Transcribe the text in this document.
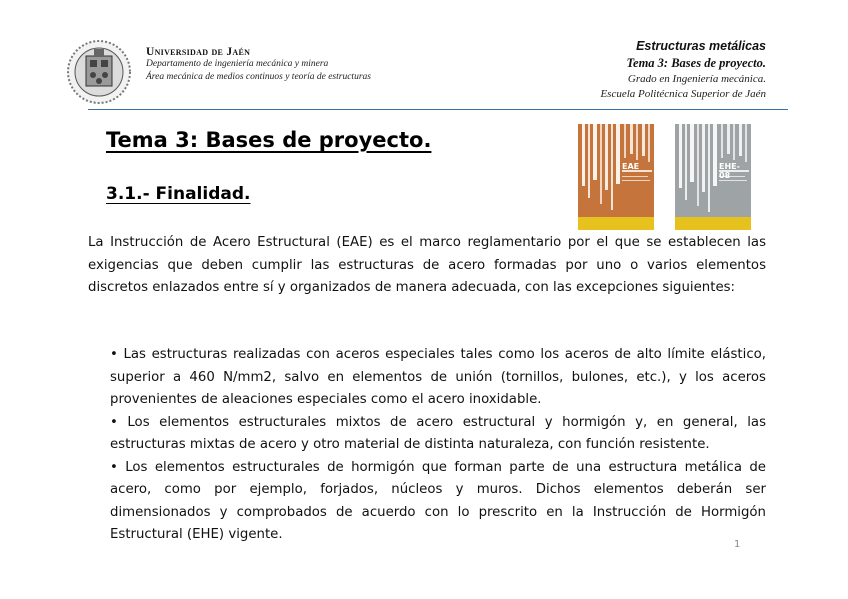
Universidad de Jaén
Departamento de ingeniería mecánica y minera
Área mecánica de medios continuos y teoría de estructuras
Estructuras metálicas
Tema 3: Bases de proyecto.
Grado en Ingeniería mecánica.
Escuela Politécnica Superior de Jaén
Tema 3: Bases de proyecto.
3.1.- Finalidad.
EAE	EHE-08

La Instrucción de Acero Estructural (EAE) es el marco reglamentario por el que se establecen las exigencias que deben cumplir las estructuras de acero formadas por uno o varios elementos discretos enlazados entre sí y organizados de manera adecuada, con las excepciones siguientes:

• Las estructuras realizadas con aceros especiales tales como los aceros de alto límite elástico, superior a 460 N/mm2, salvo en elementos de unión (tornillos, bulones, etc.), y los aceros provenientes de aleaciones especiales como el acero inoxidable.
• Los elementos estructurales mixtos de acero estructural y hormigón y, en general, las estructuras mixtas de acero y otro material de distinta naturaleza, con función resistente.
• Los elementos estructurales de hormigón que forman parte de una estructura metálica de acero, como por ejemplo, forjados, núcleos y muros. Dichos elementos deberán ser dimensionados y comprobados de acuerdo con lo prescrito en la Instrucción de Hormigón Estructural (EHE) vigente.
1
